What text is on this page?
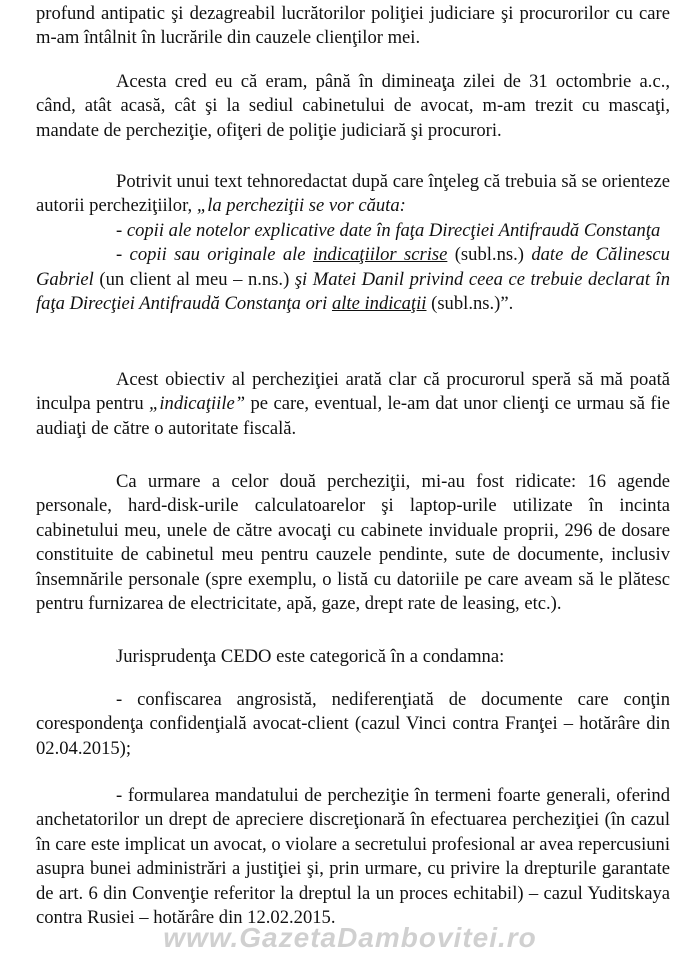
profund antipatic şi dezagreabil lucrătorilor poliţiei judiciare şi procurorilor cu care m-am întâlnit în lucrările din cauzele clienţilor mei.

Acesta cred eu că eram, până în dimineaţa zilei de 31 octombrie a.c., când, atât acasă, cât şi la sediul cabinetului de avocat, m-am trezit cu mascaţi, mandate de percheziţie, ofiţeri de poliţie judiciară şi procurori.

Potrivit unui text tehnoredactat după care înţeleg că trebuia să se orienteze autorii percheziţiilor, „la percheziţii se vor căuta:
- copii ale notelor explicative date în faţa Direcţiei Antifraudă Constanţa
- copii sau originale ale indicaţiilor scrise (subl.ns.) date de Călinescu Gabriel (un client al meu – n.ns.) şi Matei Danil privind ceea ce trebuie declarat în faţa Direcţiei Antifraudă Constanţa ori alte indicaţii (subl.ns.)”.

Acest obiectiv al percheziţiei arată clar că procurorul speră să mă poată inculpa pentru „indicaţiile” pe care, eventual, le-am dat unor clienţi ce urmau să fie audiaţi de către o autoritate fiscală.

Ca urmare a celor două percheziţii, mi-au fost ridicate: 16 agende personale, hard-disk-urile calculatoarelor şi laptop-urile utilizate în incinta cabinetului meu, unele de către avocaţi cu cabinete inviduale proprii, 296 de dosare constituite de cabinetul meu pentru cauzele pendinte, sute de documente, inclusiv însemnările personale (spre exemplu, o listă cu datoriile pe care aveam să le plătesc pentru furnizarea de electricitate, apă, gaze, drept rate de leasing, etc.).

Jurisprudenţa CEDO este categorică în a condamna:

- confiscarea angrosistă, nediferenţiată de documente care conţin corespondenţa confidenţială avocat-client (cazul Vinci contra Franţei – hotărâre din 02.04.2015);

- formularea mandatului de percheziţie în termeni foarte generali, oferind anchetatorilor un drept de apreciere discreţionară în efectuarea percheziţiei (în cazul în care este implicat un avocat, o violare a secretului profesional ar avea repercusiuni asupra bunei administrări a justiţiei şi, prin urmare, cu privire la drepturile garantate de art. 6 din Convenţie referitor la dreptul la un proces echitabil) – cazul Yuditskaya contra Rusiei – hotărâre din 12.02.2015.

www.GazetaDambovitei.ro
